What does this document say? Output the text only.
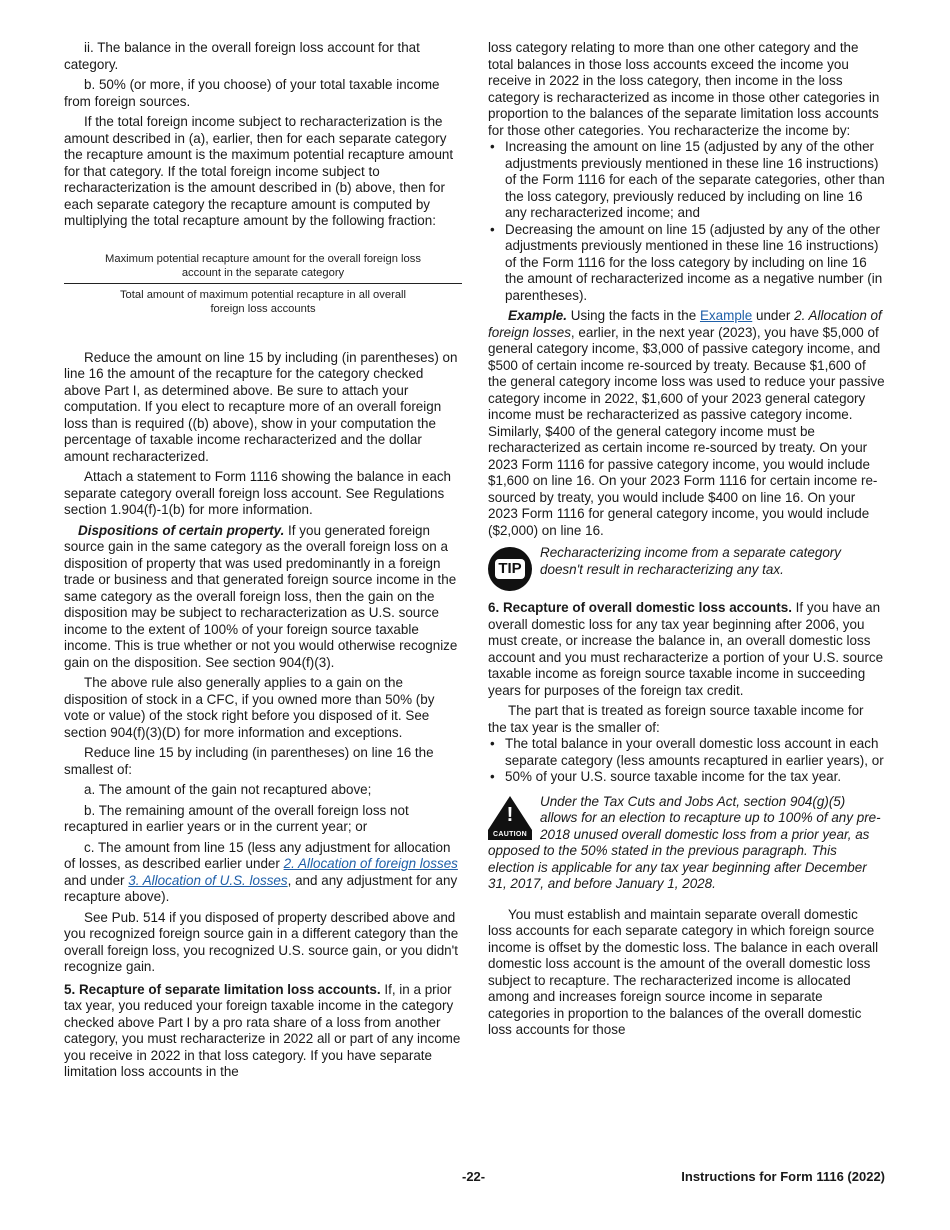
ii. The balance in the overall foreign loss account for that category.

b. 50% (or more, if you choose) of your total taxable income from foreign sources.

If the total foreign income subject to recharacterization is the amount described in (a), earlier, then for each separate category the recapture amount is the maximum potential recapture amount for that category. If the total foreign income subject to recharacterization is the amount described in (b) above, then for each separate category the recapture amount is computed by multiplying the total recapture amount by the following fraction:

Maximum potential recapture amount for the overall foreign loss account in the separate category
Total amount of maximum potential recapture in all overall foreign loss accounts

Reduce the amount on line 15 by including (in parentheses) on line 16 the amount of the recapture for the category checked above Part I, as determined above. Be sure to attach your computation. If you elect to recapture more of an overall foreign loss than is required ((b) above), show in your computation the percentage of taxable income recharacterized and the dollar amount recharacterized.

Attach a statement to Form 1116 showing the balance in each separate category overall foreign loss account. See Regulations section 1.904(f)-1(b) for more information.

Dispositions of certain property. If you generated foreign source gain in the same category as the overall foreign loss on a disposition of property that was used predominantly in a foreign trade or business and that generated foreign source income in the same category as the overall foreign loss, then the gain on the disposition may be subject to recharacterization as U.S. source income to the extent of 100% of your foreign source taxable income. This is true whether or not you would otherwise recognize gain on the disposition. See section 904(f)(3).

The above rule also generally applies to a gain on the disposition of stock in a CFC, if you owned more than 50% (by vote or value) of the stock right before you disposed of it. See section 904(f)(3)(D) for more information and exceptions.

Reduce line 15 by including (in parentheses) on line 16 the smallest of:

a. The amount of the gain not recaptured above;

b. The remaining amount of the overall foreign loss not recaptured in earlier years or in the current year; or

c. The amount from line 15 (less any adjustment for allocation of losses, as described earlier under 2. Allocation of foreign losses and under 3. Allocation of U.S. losses, and any adjustment for any recapture above).

See Pub. 514 if you disposed of property described above and you recognized foreign source gain in a different category than the overall foreign loss, you recognized U.S. source gain, or you didn't recognize gain.

5. Recapture of separate limitation loss accounts. If, in a prior tax year, you reduced your foreign taxable income in the category checked above Part I by a pro rata share of a loss from another category, you must recharacterize in 2022 all or part of any income you receive in 2022 in that loss category. If you have separate limitation loss accounts in the

loss category relating to more than one other category and the total balances in those loss accounts exceed the income you receive in 2022 in the loss category, then income in the loss category is recharacterized as income in those other categories in proportion to the balances of the separate limitation loss accounts for those other categories. You recharacterize the income by:

• Increasing the amount on line 15 (adjusted by any of the other adjustments previously mentioned in these line 16 instructions) of the Form 1116 for each of the separate categories, other than the loss category, previously reduced by including on line 16 any recharacterized income; and
• Decreasing the amount on line 15 (adjusted by any of the other adjustments previously mentioned in these line 16 instructions) of the Form 1116 for the loss category by including on line 16 the amount of recharacterized income as a negative number (in parentheses).

Example. Using the facts in the Example under 2. Allocation of foreign losses, earlier, in the next year (2023), you have $5,000 of general category income, $3,000 of passive category income, and $500 of certain income re-sourced by treaty. Because $1,600 of the general category income loss was used to reduce your passive category income in 2022, $1,600 of your 2023 general category income must be recharacterized as passive category income. Similarly, $400 of the general category income must be recharacterized as certain income re-sourced by treaty. On your 2023 Form 1116 for passive category income, you would include $1,600 on line 16. On your 2023 Form 1116 for certain income re-sourced by treaty, you would include $400 on line 16. On your 2023 Form 1116 for general category income, you would include ($2,000) on line 16.

TIP
Recharacterizing income from a separate category doesn't result in recharacterizing any tax.

6. Recapture of overall domestic loss accounts. If you have an overall domestic loss for any tax year beginning after 2006, you must create, or increase the balance in, an overall domestic loss account and you must recharacterize a portion of your U.S. source taxable income as foreign source taxable income in succeeding years for purposes of the foreign tax credit.

The part that is treated as foreign source taxable income for the tax year is the smaller of:

• The total balance in your overall domestic loss account in each separate category (less amounts recaptured in earlier years), or
• 50% of your U.S. source taxable income for the tax year.
!
CAUTION
Under the Tax Cuts and Jobs Act, section 904(g)(5) allows for an election to recapture up to 100% of any pre-2018 unused overall domestic loss from a prior year, as opposed to the 50% stated in the previous paragraph. This election is applicable for any tax year beginning after December 31, 2017, and before January 1, 2028.

You must establish and maintain separate overall domestic loss accounts for each separate category in which foreign source income is offset by the domestic loss. The balance in each overall domestic loss account is the amount of the overall domestic loss subject to recapture. The recharacterized income is allocated among and increases foreign source income in separate categories in proportion to the balances of the overall domestic loss accounts for those

-22-	Instructions for Form 1116 (2022)
